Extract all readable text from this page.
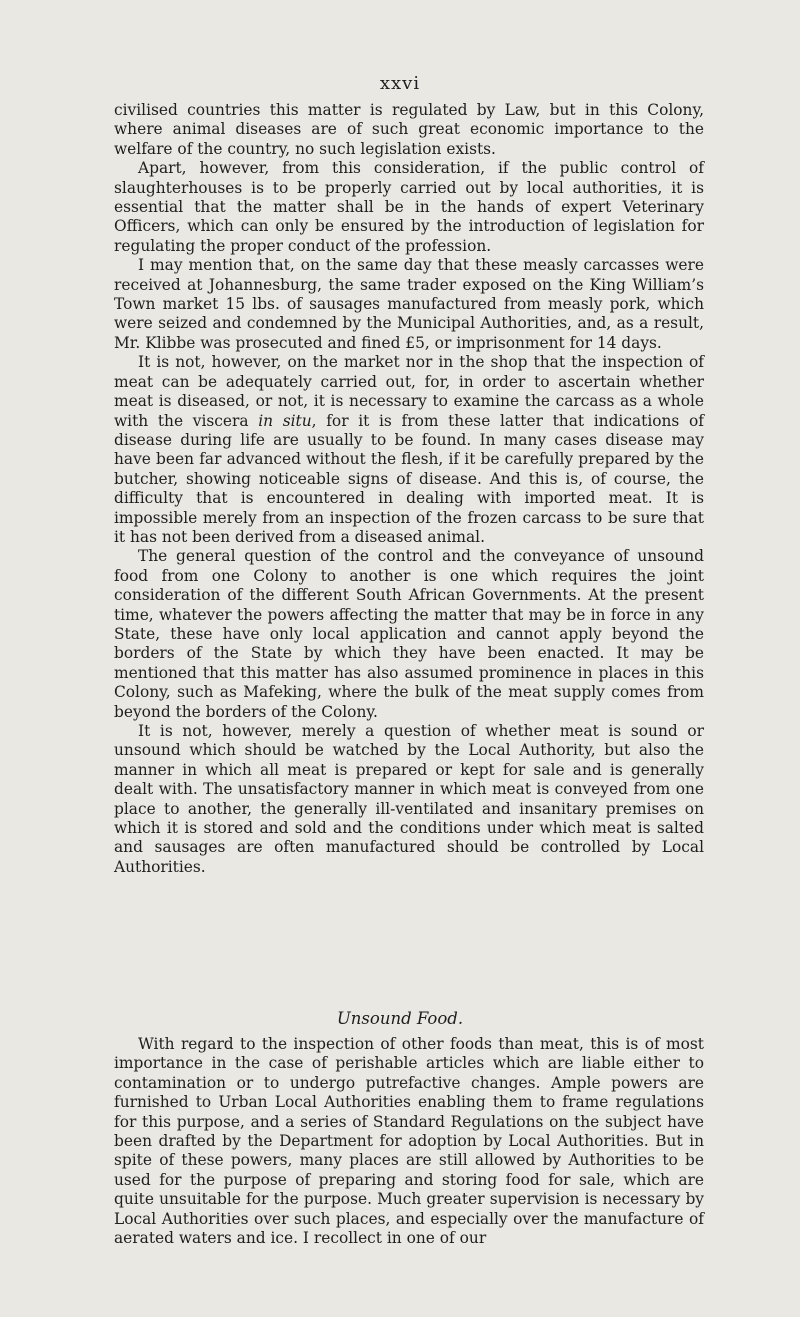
xxvi

civilised countries this matter is regulated by Law, but in this Colony, where animal diseases are of such great economic importance to the welfare of the country, no such legislation exists.

Apart, however, from this consideration, if the public control of slaughterhouses is to be properly carried out by local authorities, it is essential that the matter shall be in the hands of expert Veterinary Officers, which can only be ensured by the introduction of legislation for regulating the proper conduct of the profession.

I may mention that, on the same day that these measly carcasses were received at Johannesburg, the same trader exposed on the King William’s Town market 15 lbs. of sausages manufactured from measly pork, which were seized and condemned by the Municipal Authorities, and, as a result, Mr. Klibbe was prosecuted and fined £5, or imprisonment for 14 days.

It is not, however, on the market nor in the shop that the inspection of meat can be adequately carried out, for, in order to ascertain whether meat is diseased, or not, it is necessary to examine the carcass as a whole with the viscera in situ, for it is from these latter that indications of disease during life are usually to be found. In many cases disease may have been far advanced without the flesh, if it be carefully prepared by the butcher, showing noticeable signs of disease. And this is, of course, the difficulty that is encountered in dealing with imported meat. It is impossible merely from an inspection of the frozen carcass to be sure that it has not been derived from a diseased animal.

The general question of the control and the conveyance of unsound food from one Colony to another is one which requires the joint consideration of the different South African Governments. At the present time, whatever the powers affecting the matter that may be in force in any State, these have only local application and cannot apply beyond the borders of the State by which they have been enacted. It may be mentioned that this matter has also assumed prominence in places in this Colony, such as Mafeking, where the bulk of the meat supply comes from beyond the borders of the Colony.

It is not, however, merely a question of whether meat is sound or unsound which should be watched by the Local Authority, but also the manner in which all meat is prepared or kept for sale and is generally dealt with. The unsatisfactory manner in which meat is conveyed from one place to another, the generally ill-ventilated and insanitary premises on which it is stored and sold and the conditions under which meat is salted and sausages are often manufactured should be controlled by Local Authorities.

Unsound Food.

With regard to the inspection of other foods than meat, this is of most importance in the case of perishable articles which are liable either to contamination or to undergo putrefactive changes. Ample powers are furnished to Urban Local Authorities enabling them to frame regulations for this purpose, and a series of Standard Regulations on the subject have been drafted by the Department for adoption by Local Authorities. But in spite of these powers, many places are still allowed by Authorities to be used for the purpose of preparing and storing food for sale, which are quite unsuitable for the purpose. Much greater supervision is necessary by Local Authorities over such places, and especially over the manufacture of aerated waters and ice. I recollect in one of our
